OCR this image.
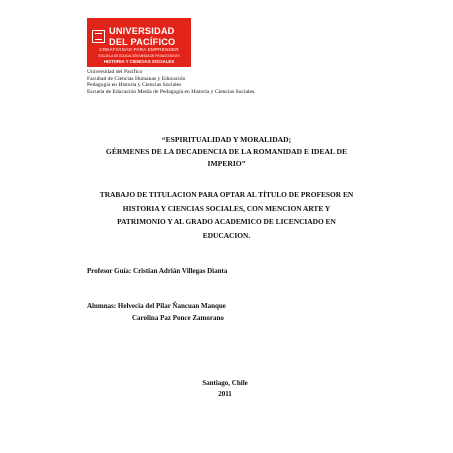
UNIVERSIDAD
DEL PACÍFICO
CREATIVIDAD PARA EMPRENDER
ESCUELA DE EDUCACIÓN MEDIA DE PEDAGOGÍA EN
HISTORIA Y CIENCIAS SOCIALES
Universidad del Pacífico
Facultad de Ciencias Humanas y Educación
Pedagogía en Historia y Ciencias Sociales
Escuela de Educación Media de Pedagogía en Historia y Ciencias Sociales.
“ESPIRITUALIDAD Y MORALIDAD;
GÉRMENES DE LA DECADENCIA DE LA ROMANIDAD E IDEAL DE
IMPERIO”
TRABAJO DE TITULACION PARA OPTAR AL TÍTULO DE PROFESOR EN
HISTORIA Y CIENCIAS SOCIALES, CON MENCION ARTE Y
PATRIMONIO Y AL GRADO ACADEMICO DE LICENCIADO EN
EDUCACION.
Profesor Guía: Cristian Adrián Villegas Dianta
Alumnas: Helvecia del Pilar Ñancuan Manque
Carolina Paz Ponce Zamorano
Santiago, Chile
2011
